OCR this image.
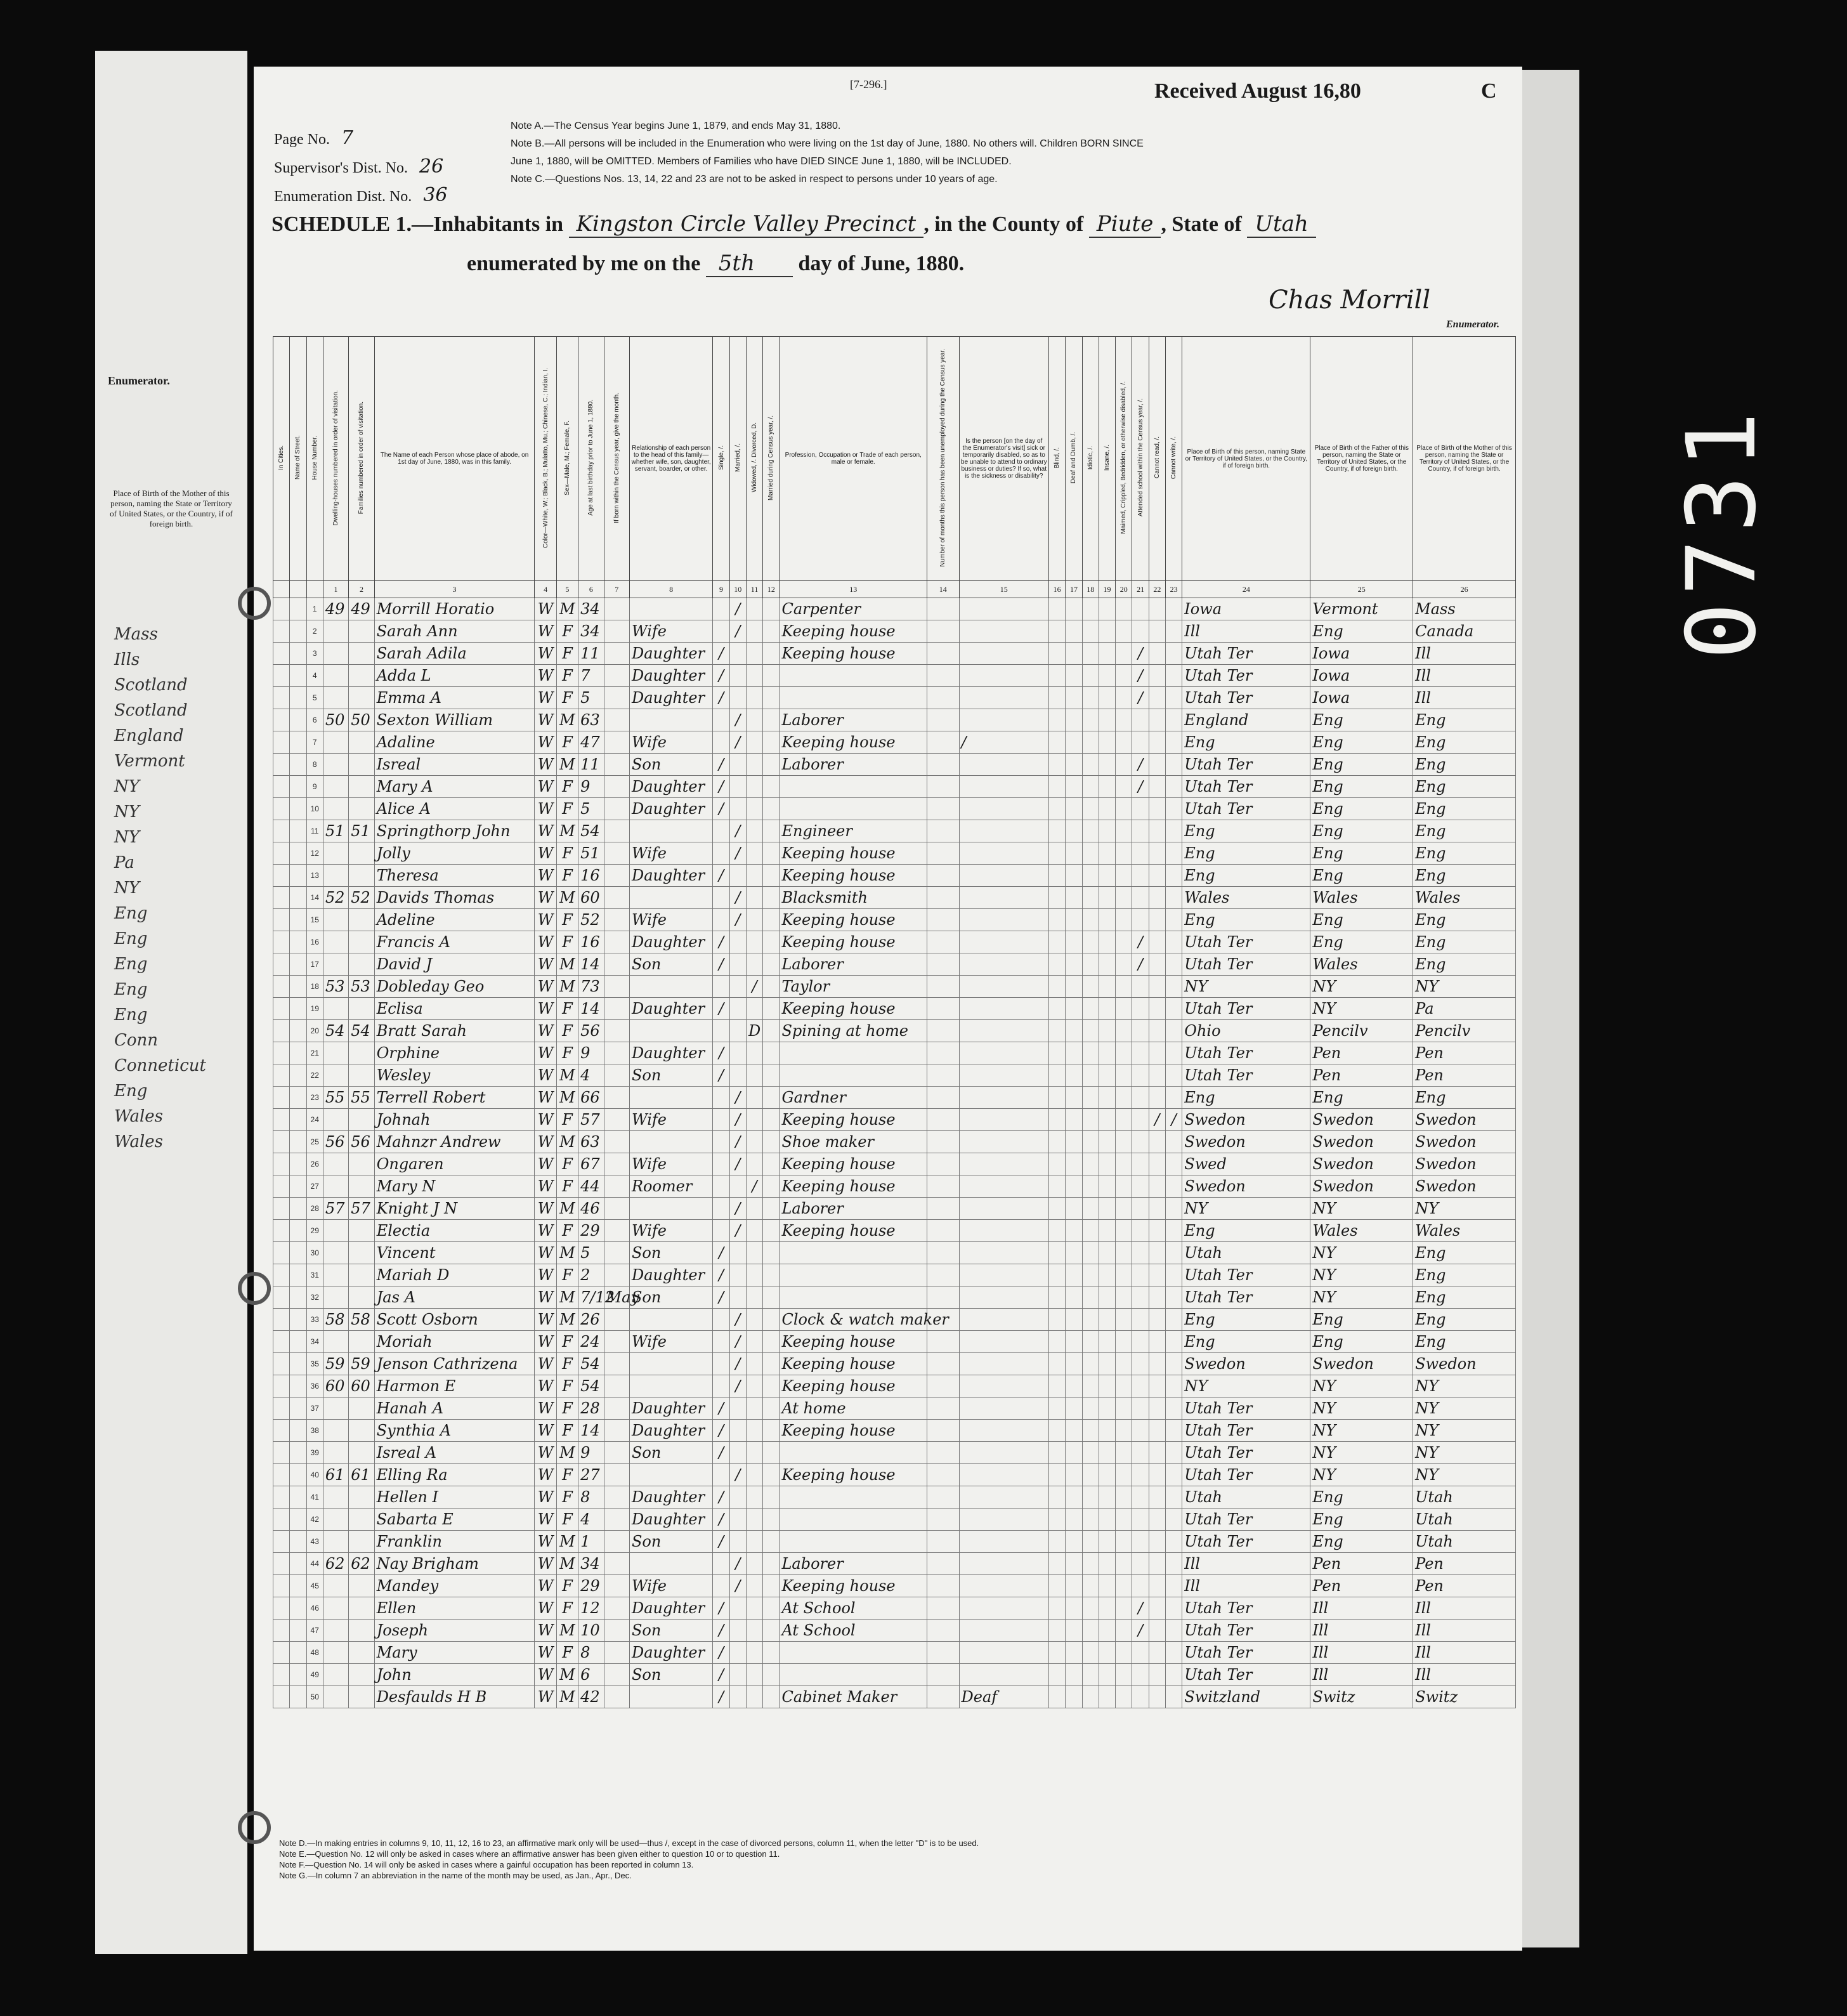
Enumerator.
Place of Birth of the Mother of this person, naming the State or Territory of United States, or the Country, if of foreign birth.
Mass
Ills
Scotland
Scotland
England
Vermont
NY
NY
NY
Pa
NY
Eng
Eng
Eng
Eng
Eng
Conn
Conneticut
Eng
Wales
Wales
0731
[7-296.]	Received August 16,80	C
Page No. 7
Supervisor's Dist. No. 26
Enumeration Dist. No. 36
Note A.—The Census Year begins June 1, 1879, and ends May 31, 1880.
Note B.—All persons will be included in the Enumeration who were living on the 1st day of June, 1880. No others will. Children BORN SINCE
June 1, 1880, will be OMITTED. Members of Families who have DIED SINCE June 1, 1880, will be INCLUDED.
Note C.—Questions Nos. 13, 14, 22 and 23 are not to be asked in respect to persons under 10 years of age.
SCHEDULE 1.—Inhabitants in Kingston Circle Valley Precinct , in the County of Piute , State of Utah
enumerated by me on the 5th day of June, 1880.
Chas Morrill
Enumerator.
In Cities.	Name of Street.	House Number.	Dwelling-houses numbered in order of visitation.	Families numbered in order of visitation.	The Name of each Person whose place of abode, on 1st day of June, 1880, was in this family.	Color—White, W.; Black, B.; Mulatto, Mu.; Chinese, C.; Indian, I.	Sex—Male, M.; Female, F.	Age at last birthday prior to June 1, 1880.	If born within the Census year, give the month.	Relationship of each person to the head of this family—whether wife, son, daughter, servant, boarder, or other.	Single, /.	Married, /.	Widowed, /. Divorced, D.	Married during Census year, /.	Profession, Occupation or Trade of each person, male or female.	Number of months this person has been unemployed during the Census year.	Is the person [on the day of the Enumerator's visit] sick or temporarily disabled, so as to be unable to attend to ordinary business or duties? If so, what is the sickness or disability?	Blind, /.	Deaf and Dumb, /.	Idiotic, /.	Insane, /.	Maimed, Crippled, Bedridden, or otherwise disabled, /.	Attended school within the Census year, /.	Cannot read, /.	Cannot write, /.	Place of Birth of this person, naming State or Territory of United States, or the Country, if of foreign birth.	Place of Birth of the Father of this person, naming the State or Territory of United States, or the Country, if of foreign birth.	Place of Birth of the Mother of this person, naming the State or Territory of United States, or the Country, if of foreign birth.
			1	2	3	4	5	6	7	8	9	10	11	12	13	14	15	16	17	18	19	20	21	22	23	24	25	26
		1	49	49	Morrill Horatio	W	M	34				/			Carpenter											Iowa	Vermont	Mass
		2			Sarah Ann	W	F	34		Wife		/			Keeping house											Ill	Eng	Canada
		3			Sarah Adila	W	F	11		Daughter	/				Keeping house								/			Utah Ter	Iowa	Ill
		4			Adda L	W	F	7		Daughter	/												/			Utah Ter	Iowa	Ill
		5			Emma A	W	F	5		Daughter	/												/			Utah Ter	Iowa	Ill
		6	50	50	Sexton William	W	M	63				/			Laborer											England	Eng	Eng
		7			Adaline	W	F	47		Wife		/			Keeping house		/									Eng	Eng	Eng
		8			Isreal	W	M	11		Son	/				Laborer								/			Utah Ter	Eng	Eng
		9			Mary A	W	F	9		Daughter	/												/			Utah Ter	Eng	Eng
		10			Alice A	W	F	5		Daughter	/															Utah Ter	Eng	Eng
		11	51	51	Springthorp John	W	M	54				/			Engineer											Eng	Eng	Eng
		12			Jolly	W	F	51		Wife		/			Keeping house											Eng	Eng	Eng
		13			Theresa	W	F	16		Daughter	/				Keeping house											Eng	Eng	Eng
		14	52	52	Davids Thomas	W	M	60				/			Blacksmith											Wales	Wales	Wales
		15			Adeline	W	F	52		Wife		/			Keeping house											Eng	Eng	Eng
		16			Francis A	W	F	16		Daughter	/				Keeping house								/			Utah Ter	Eng	Eng
		17			David J	W	M	14		Son	/				Laborer								/			Utah Ter	Wales	Eng
		18	53	53	Dobleday Geo	W	M	73					/		Taylor											NY	NY	NY
		19			Eclisa	W	F	14		Daughter	/				Keeping house											Utah Ter	NY	Pa
		20	54	54	Bratt Sarah	W	F	56					D		Spining at home											Ohio	Pencilv	Pencilv
		21			Orphine	W	F	9		Daughter	/															Utah Ter	Pen	Pen
		22			Wesley	W	M	4		Son	/															Utah Ter	Pen	Pen
		23	55	55	Terrell Robert	W	M	66				/			Gardner											Eng	Eng	Eng
		24			Johnah	W	F	57		Wife		/			Keeping house									/	/	Swedon	Swedon	Swedon
		25	56	56	Mahnzr Andrew	W	M	63				/			Shoe maker											Swedon	Swedon	Swedon
		26			Ongaren	W	F	67		Wife		/			Keeping house											Swed	Swedon	Swedon
		27			Mary N	W	F	44		Roomer			/		Keeping house											Swedon	Swedon	Swedon
		28	57	57	Knight J N	W	M	46				/			Laborer											NY	NY	NY
		29			Electia	W	F	29		Wife		/			Keeping house											Eng	Wales	Wales
		30			Vincent	W	M	5		Son	/															Utah	NY	Eng
		31			Mariah D	W	F	2		Daughter	/															Utah Ter	NY	Eng
		32			Jas A	W	M	7/12	May	Son	/															Utah Ter	NY	Eng
		33	58	58	Scott Osborn	W	M	26				/			Clock & watch maker											Eng	Eng	Eng
		34			Moriah	W	F	24		Wife		/			Keeping house											Eng	Eng	Eng
		35	59	59	Jenson Cathrizena	W	F	54				/			Keeping house											Swedon	Swedon	Swedon
		36	60	60	Harmon E	W	F	54				/			Keeping house											NY	NY	NY
		37			Hanah A	W	F	28		Daughter	/				At home											Utah Ter	NY	NY
		38			Synthia A	W	F	14		Daughter	/				Keeping house											Utah Ter	NY	NY
		39			Isreal A	W	M	9		Son	/															Utah Ter	NY	NY
		40	61	61	Elling Ra	W	F	27				/			Keeping house											Utah Ter	NY	NY
		41			Hellen I	W	F	8		Daughter	/															Utah	Eng	Utah
		42			Sabarta E	W	F	4		Daughter	/															Utah Ter	Eng	Utah
		43			Franklin	W	M	1		Son	/															Utah Ter	Eng	Utah
		44	62	62	Nay Brigham	W	M	34				/			Laborer											Ill	Pen	Pen
		45			Mandey	W	F	29		Wife		/			Keeping house											Ill	Pen	Pen
		46			Ellen	W	F	12		Daughter	/				At School								/			Utah Ter	Ill	Ill
		47			Joseph	W	M	10		Son	/				At School								/			Utah Ter	Ill	Ill
		48			Mary	W	F	8		Daughter	/															Utah Ter	Ill	Ill
		49			John	W	M	6		Son	/															Utah Ter	Ill	Ill
		50			Desfaulds H B	W	M	42			/				Cabinet Maker		Deaf									Switzland	Switz	Switz
Note D.—In making entries in columns 9, 10, 11, 12, 16 to 23, an affirmative mark only will be used—thus /, except in the case of divorced persons, column 11, when the letter "D" is to be used.
Note E.—Question No. 12 will only be asked in cases where an affirmative answer has been given either to question 10 or to question 11.
Note F.—Question No. 14 will only be asked in cases where a gainful occupation has been reported in column 13.
Note G.—In column 7 an abbreviation in the name of the month may be used, as Jan., Apr., Dec.
